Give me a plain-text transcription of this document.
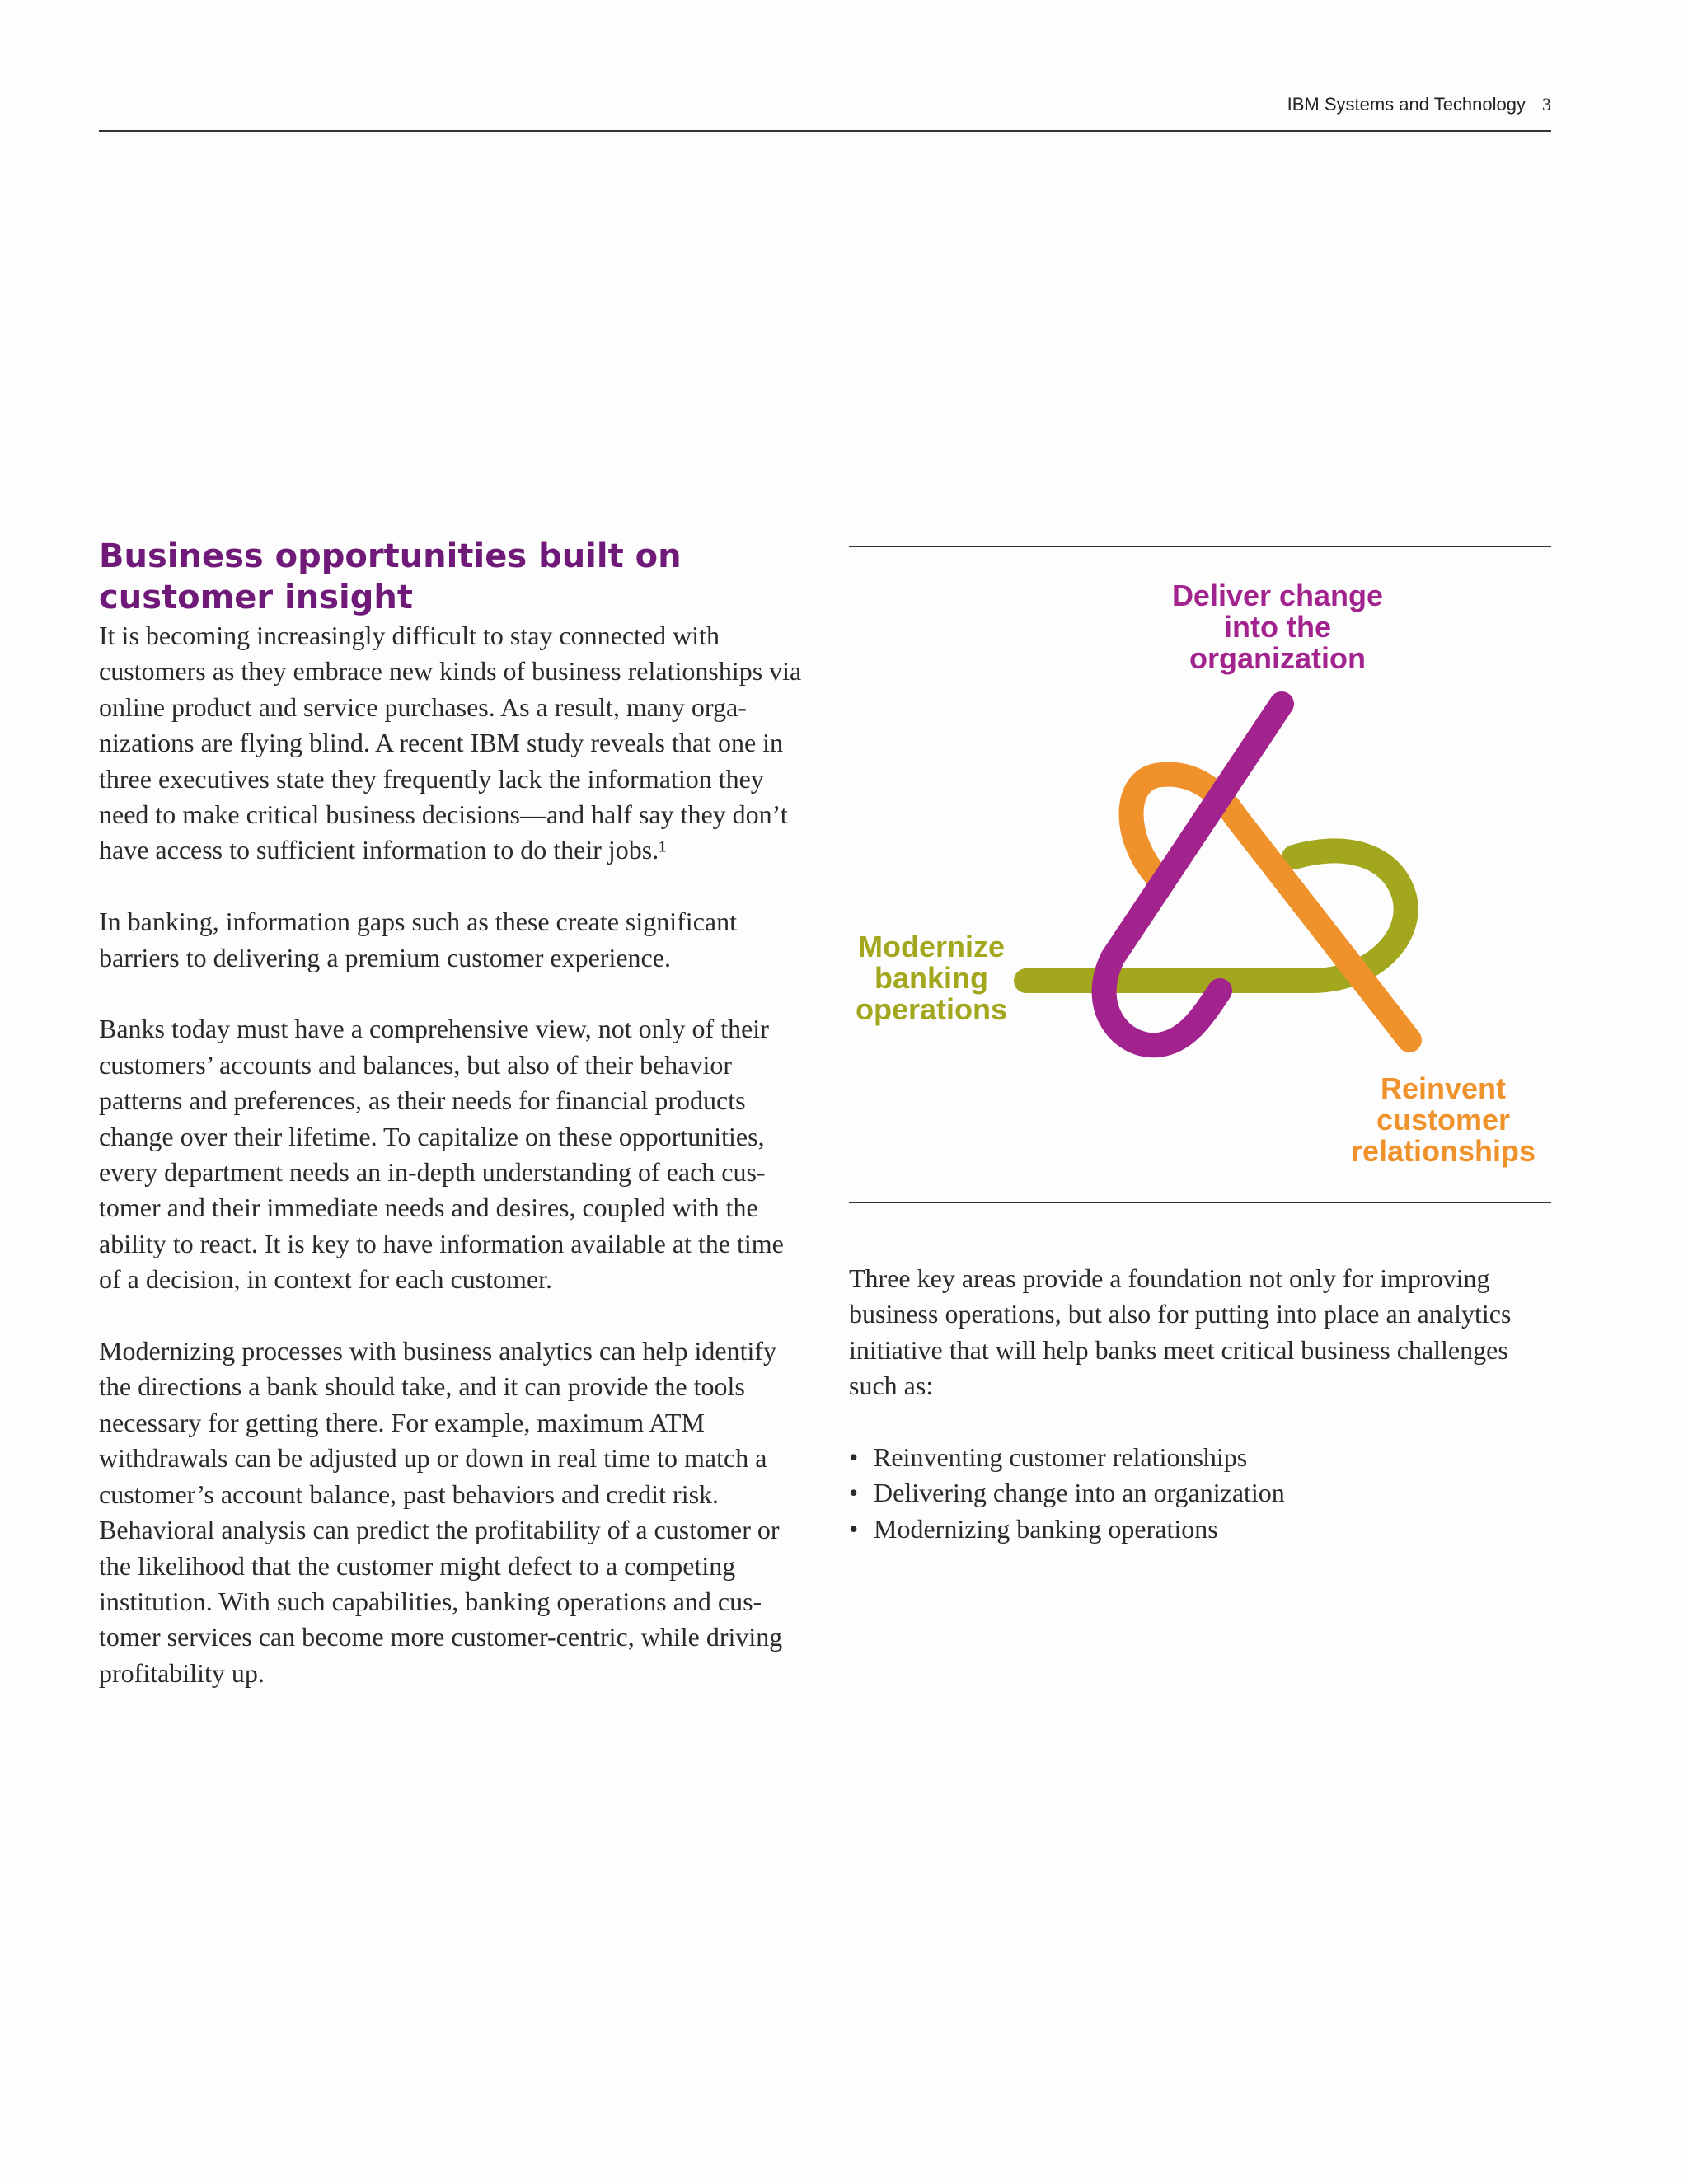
IBM Systems and Technology 3
Business opportunities built on customer insight

It is becoming increasingly difficult to stay connected with customers as they embrace new kinds of business relationships via online product and service purchases. As a result, many orga-nizations are flying blind. A recent IBM study reveals that one in three executives state they frequently lack the information they need to make critical business decisions—and half say they don’t have access to sufficient information to do their jobs.¹

In banking, information gaps such as these create significant barriers to delivering a premium customer experience.

Banks today must have a comprehensive view, not only of their customers’ accounts and balances, but also of their behavior patterns and preferences, as their needs for financial products change over their lifetime. To capitalize on these opportunities, every department needs an in-depth understanding of each cus-tomer and their immediate needs and desires, coupled with the ability to react. It is key to have information available at the time of a decision, in context for each customer.

Modernizing processes with business analytics can help identify the directions a bank should take, and it can provide the tools necessary for getting there. For example, maximum ATM withdrawals can be adjusted up or down in real time to match a customer’s account balance, past behaviors and credit risk. Behavioral analysis can predict the profitability of a customer or the likelihood that the customer might defect to a competing institution. With such capabilities, banking operations and cus-tomer services can become more customer-centric, while driving profitability up.

Deliver change
into the
organization
Modernize
banking
operations
Reinvent
customer
relationships

Three key areas provide a foundation not only for improving business operations, but also for putting into place an analytics initiative that will help banks meet critical business challenges such as:

• Reinventing customer relationships
• Delivering change into an organization
• Modernizing banking operations
